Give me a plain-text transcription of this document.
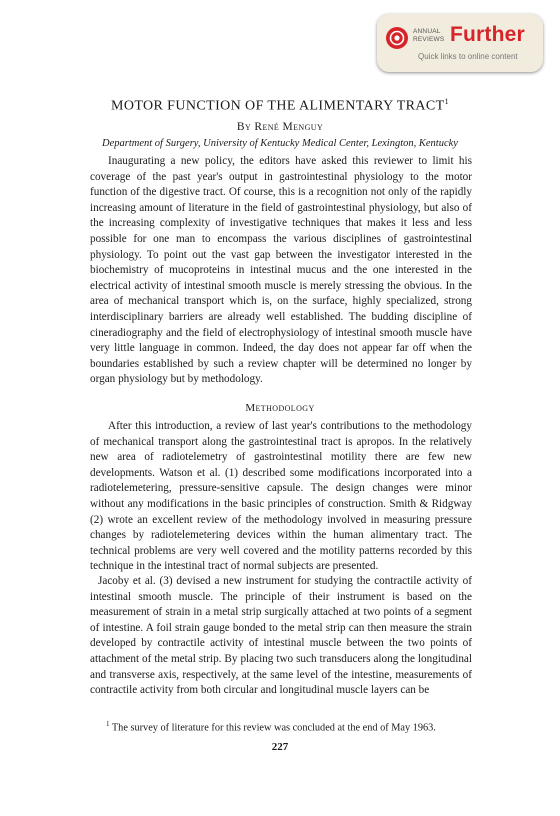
ANNUAL
REVIEWS Further
Quick links to online content
MOTOR FUNCTION OF THE ALIMENTARY TRACT$^1$
By René Menguy
Department of Surgery, University of Kentucky Medical Center, Lexington, Kentucky

Inaugurating a new policy, the editors have asked this reviewer to limit his coverage of the past year's output in gastrointestinal physiology to the motor function of the digestive tract. Of course, this is a recognition not only of the rapidly increasing amount of literature in the field of gastrointestinal physiology, but also of the increasing complexity of investigative techniques that makes it less and less possible for one man to encompass the various disciplines of gastrointestinal physiology. To point out the vast gap between the investigator interested in the biochemistry of mucoproteins in intestinal mucus and the one interested in the electrical activity of intestinal smooth muscle is merely stressing the obvious. In the area of mechanical transport which is, on the surface, highly specialized, strong interdisciplinary barriers are already well established. The budding discipline of cineradiography and the field of electrophysiology of intestinal smooth muscle have very little language in common. Indeed, the day does not appear far off when the boundaries established by such a review chapter will be determined no longer by organ physiology but by methodology.

Methodology

After this introduction, a review of last year's contributions to the methodology of mechanical transport along the gastrointestinal tract is apropos. In the relatively new area of radiotelemetry of gastrointestinal motility there are few new developments. Watson et al. (1) described some modifications incorporated into a radiotelemetering, pressure-sensitive capsule. The design changes were minor without any modifications in the basic principles of construction. Smith & Ridgway (2) wrote an excellent review of the methodology involved in measuring pressure changes by radiotelemetering devices within the human alimentary tract. The technical problems are very well covered and the motility patterns recorded by this technique in the intestinal tract of normal subjects are presented.

Jacoby et al. (3) devised a new instrument for studying the contractile activity of intestinal smooth muscle. The principle of their instrument is based on the measurement of strain in a metal strip surgically attached at two points of a segment of intestine. A foil strain gauge bonded to the metal strip can then measure the strain developed by contractile activity of intestinal muscle between the two points of attachment of the metal strip. By placing two such transducers along the longitudinal and transverse axis, respectively, at the same level of the intestine, measurements of contractile activity from both circular and longitudinal muscle layers can be

$^1$ The survey of literature for this review was concluded at the end of May 1963.

227
